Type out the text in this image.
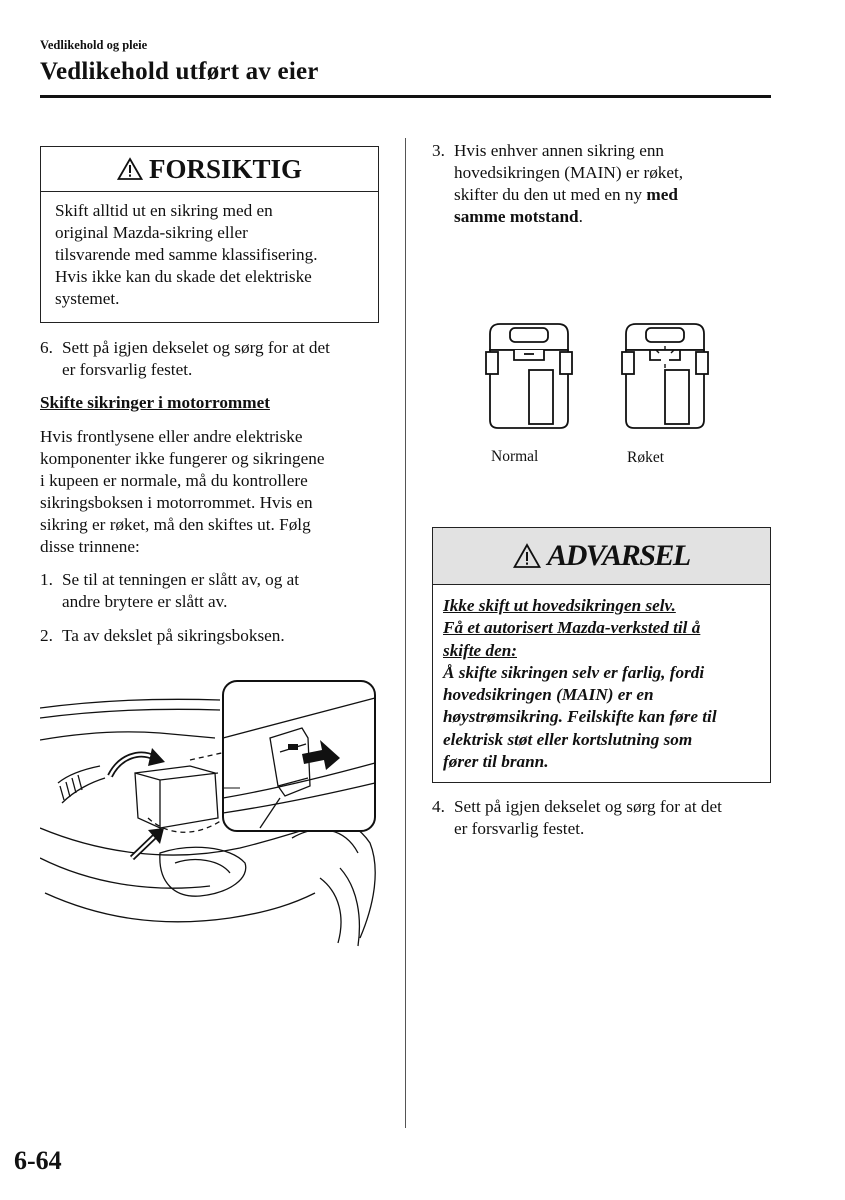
Vedlikehold og pleie
Vedlikehold utført av eier
FORSIKTIG
Skift alltid ut en sikring med en
original Mazda-sikring eller
tilsvarende med samme klassifisering.
Hvis ikke kan du skade det elektriske
systemet.
6. Sett på igjen dekselet og sørg for at det
er forsvarlig festet.
Skifte sikringer i motorrommet
Hvis frontlysene eller andre elektriske
komponenter ikke fungerer og sikringene
i kupeen er normale, må du kontrollere
sikringsboksen i motorrommet. Hvis en
sikring er røket, må den skiftes ut. Følg
disse trinnene:
1. Se til at tenningen er slått av, og at
andre brytere er slått av.
2. Ta av dekslet på sikringsboksen.
3. Hvis enhver annen sikring enn
hovedsikringen (MAIN) er røket,
skifter du den ut med en ny med
samme motstand.
Normal	Røket
ADVARSEL
Ikke skift ut hovedsikringen selv.
Få et autorisert Mazda-verksted til å
skifte den:
Å skifte sikringen selv er farlig, fordi
hovedsikringen (MAIN) er en
høystrømsikring. Feilskifte kan føre til
elektrisk støt eller kortslutning som
fører til brann.
4. Sett på igjen dekselet og sørg for at det
er forsvarlig festet.
6-64
